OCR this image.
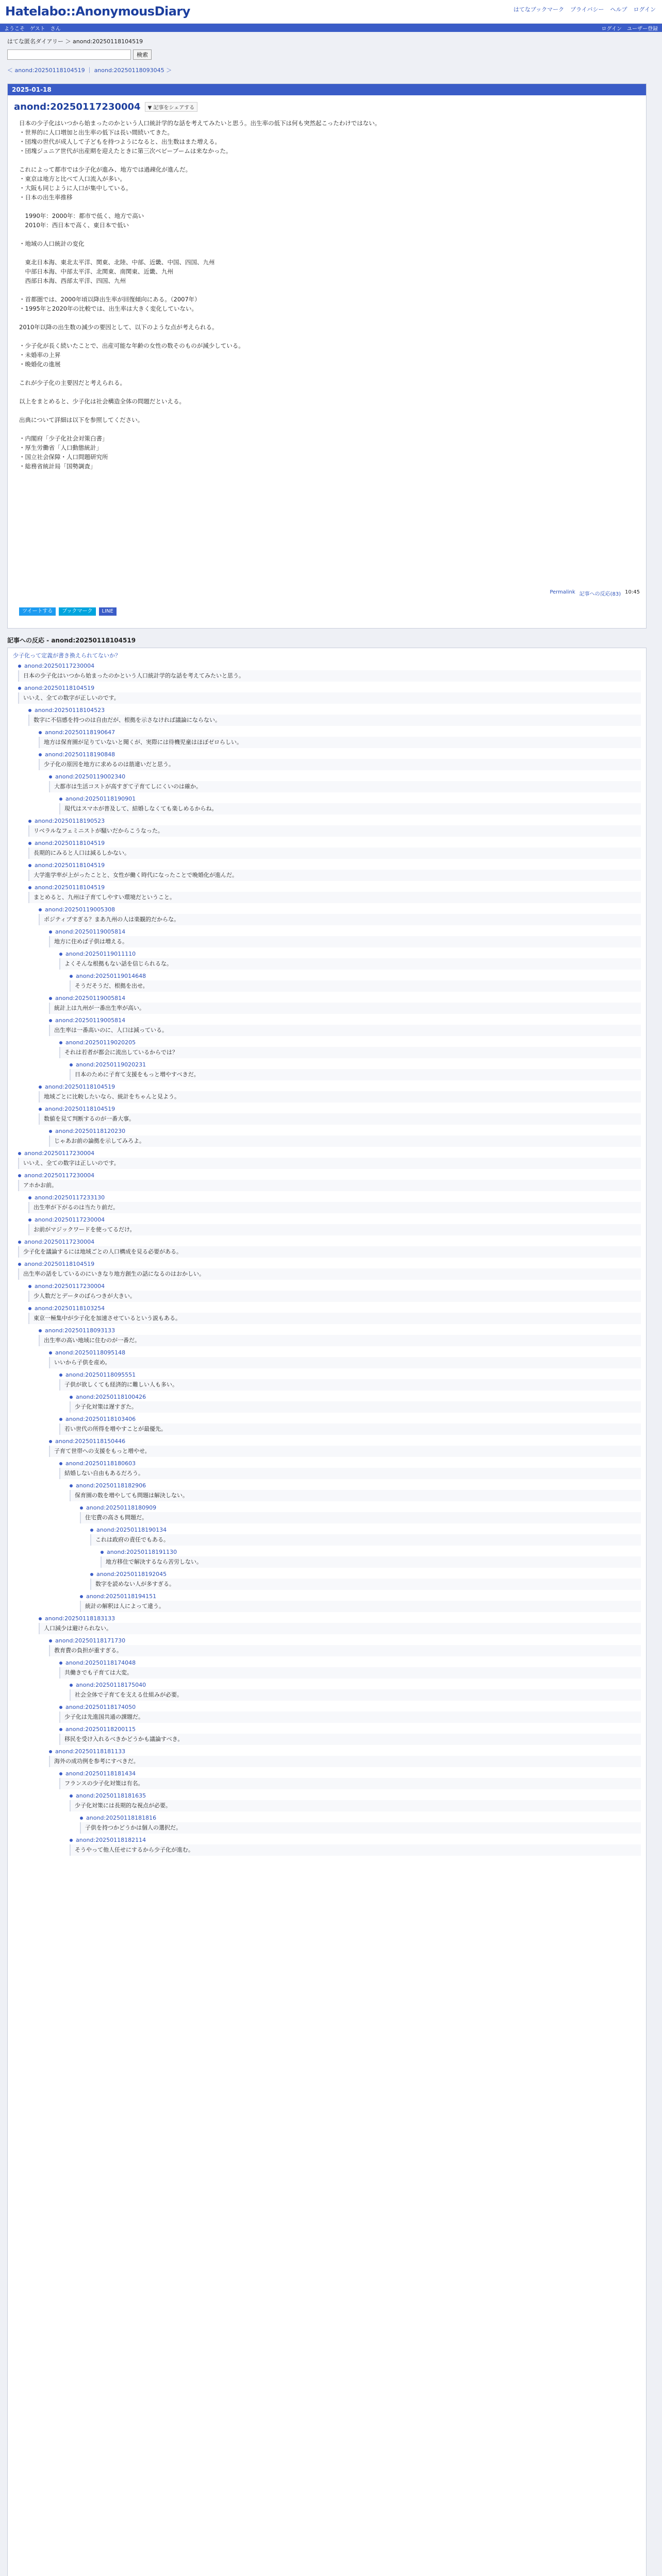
Hatelabo::AnonymousDiary	はてなブックマーク プライバシー ヘルプ ログイン
ようこそ ゲスト さん	ログイン ユーザー登録
はてな匿名ダイアリー ＞ anond:20250118104519
検索
＜ anond:20250118104519 ｜ anond:20250118093045 ＞
2025-01-18
anond:20250117230004	▼ 記事をシェアする

日本の少子化はいつから始まったのかという人口統計学的な話を考えてみたいと思う。出生率の低下は何も突然起こったわけではない。

・世界的に人口増加と出生率の低下は長い間続いてきた。

・団塊の世代が成人して子どもを持つようになると、出生数はまた増える。

・団塊ジュニア世代が出産期を迎えたときに第三次ベビーブームは来なかった。

これによって都市では少子化が進み、地方では過疎化が進んだ。

・東京は地方と比べて人口流入が多い。

・大阪も同じように人口が集中している。

・日本の出生率推移

　1990年：2000年：都市で低く、地方で高い

　2010年：西日本で高く、東日本で低い

・地域の人口統計の変化

　東北日本海、東北太平洋、関東、北陸、中部、近畿、中国、四国、九州

　中部日本海、中部太平洋、北関東、南関東、近畿、九州

　西部日本海、西部太平洋、四国、九州

・首都圏では、2000年頃以降出生率が回復傾向にある。（2007年）

・1995年と2020年の比較では、出生率は大きく変化していない。

2010年以降の出生数の減少の要因として、以下のような点が考えられる。

・少子化が長く続いたことで、出産可能な年齢の女性の数そのものが減少している。

・未婚率の上昇

・晩婚化の進展

これが少子化の主要因だと考えられる。

以上をまとめると、少子化は社会構造全体の問題だといえる。

出典について詳細は以下を参照してください。

・内閣府「少子化社会対策白書」

・厚生労働省「人口動態統計」

・国立社会保障・人口問題研究所

・総務省統計局「国勢調査」

Permalink 記事への反応(83) 10:45
ツイートする	ブックマーク	LINE
記事への反応 - anond:20250118104519
少子化って定義が書き換えられてないか？
anond:20250117230004
日本の少子化はいつから始まったのかという人口統計学的な話を考えてみたいと思う。
anond:20250118104519
いいえ、全ての数字が正しいのです。
anond:20250118104523
数字に不信感を持つのは自由だが、根拠を示さなければ議論にならない。
anond:20250118190647
地方は保育園が足りていないと聞くが、実際には待機児童はほぼゼロらしい。
anond:20250118190848
少子化の原因を地方に求めるのは筋違いだと思う。
anond:20250119002340
大都市は生活コストが高すぎて子育てしにくいのは確か。
anond:20250118190901
現代はスマホが普及して、結婚しなくても楽しめるからね。
anond:20250118190523
リベラルなフェミニストが騒いだからこうなった。
anond:20250118104519
長期的にみると人口は減るしかない。
anond:20250118104519
大学進学率が上がったことと、女性が働く時代になったことで晩婚化が進んだ。
anond:20250118104519
まとめると、九州は子育てしやすい環境だということ。
anond:20250119005308
ポジティブすぎる？まあ九州の人は楽観的だからな。
anond:20250119005814
地方に住めば子供は増える。
anond:20250119011110
よくそんな根拠もない話を信じられるな。
anond:20250119014648
そうだそうだ、根拠を出せ。
anond:20250119005814
統計上は九州が一番出生率が高い。
anond:20250119005814
出生率は一番高いのに、人口は減っている。
anond:20250119020205
それは若者が都会に流出しているからでは？
anond:20250119020231
日本のために子育て支援をもっと増やすべきだ。
anond:20250118104519
地域ごとに比較したいなら、統計をちゃんと見よう。
anond:20250118104519
数値を見て判断するのが一番大事。
anond:20250118120230
じゃあお前の論拠を示してみろよ。
anond:20250117230004
いいえ、全ての数字は正しいのです。
anond:20250117230004
アホかお前。
anond:20250117233130
出生率が下がるのは当たり前だ。
anond:20250117230004
お前がマジックワードを使ってるだけ。
anond:20250117230004
少子化を議論するには地域ごとの人口構成を見る必要がある。
anond:20250118104519
出生率の話をしているのにいきなり地方創生の話になるのはおかしい。
anond:20250117230004
少人数だとデータのばらつきが大きい。
anond:20250118103254
東京一極集中が少子化を加速させているという説もある。
anond:20250118093133
出生率の高い地域に住むのが一番だ。
anond:20250118095148
いいから子供を産め。
anond:20250118095551
子供が欲しくても経済的に難しい人も多い。
anond:20250118100426
少子化対策は遅すぎた。
anond:20250118103406
若い世代の所得を増やすことが最優先。
anond:20250118150446
子育て世帯への支援をもっと増やせ。
anond:20250118180603
結婚しない自由もあるだろう。
anond:20250118182906
保育園の数を増やしても問題は解決しない。
anond:20250118180909
住宅費の高さも問題だ。
anond:20250118190134
これは政府の責任でもある。
anond:20250118191130
地方移住で解決するなら苦労しない。
anond:20250118192045
数字を読めない人が多すぎる。
anond:20250118194151
統計の解釈は人によって違う。
anond:20250118183133
人口減少は避けられない。
anond:20250118171730
教育費の負担が重すぎる。
anond:20250118174048
共働きでも子育ては大変。
anond:20250118175040
社会全体で子育てを支える仕組みが必要。
anond:20250118174050
少子化は先進国共通の課題だ。
anond:20250118200115
移民を受け入れるべきかどうかも議論すべき。
anond:20250118181133
海外の成功例を参考にすべきだ。
anond:20250118181434
フランスの少子化対策は有名。
anond:20250118181635
少子化対策には長期的な視点が必要。
anond:20250118181816
子供を持つかどうかは個人の選択だ。
anond:20250118182114
そうやって他人任せにするから少子化が進む。
